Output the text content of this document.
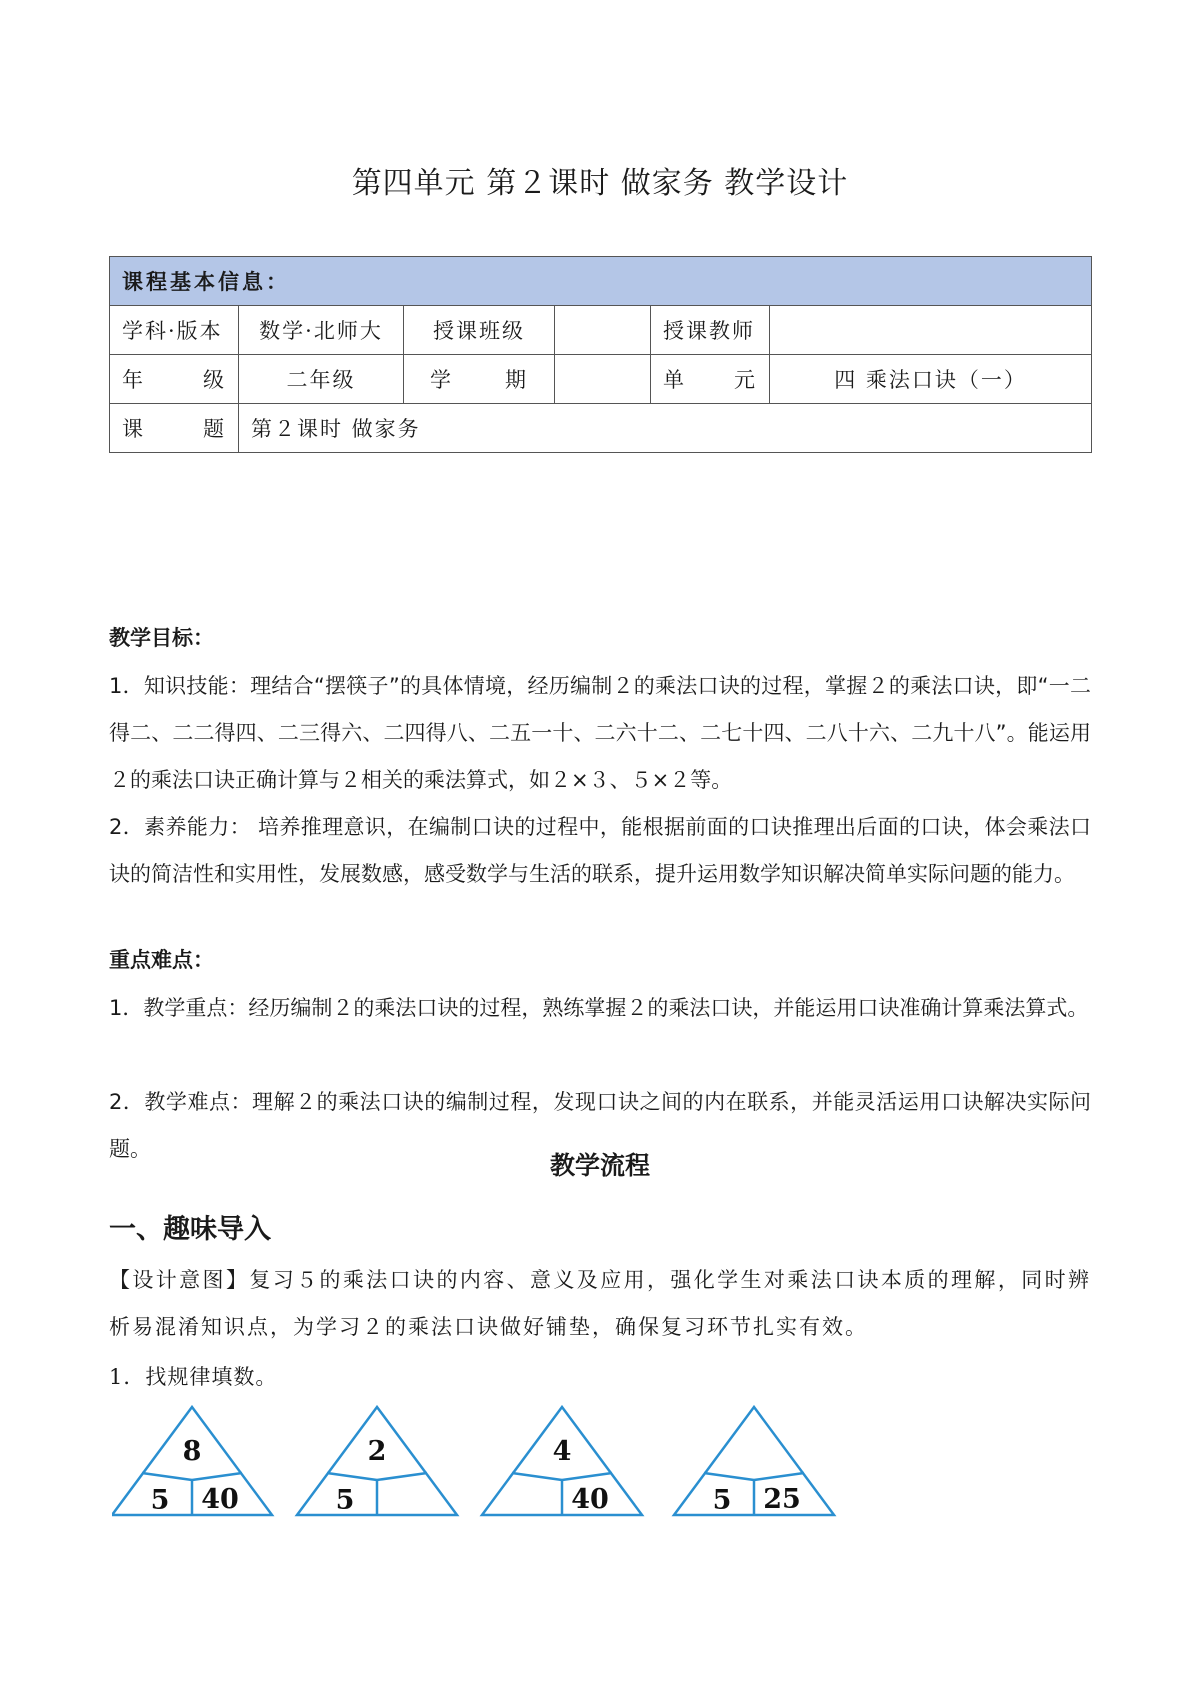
第四单元 第２课时 做家务 教学设计
课程基本信息：					
学科·版本	数学·北师大	授课班级		授课教师	

年 级	二年级	学 期		单 元	四 乘法口诀（一）

课 题	第２课时 做家务				

教学目标：

1．知识技能：理结合“摆筷子”的具体情境，经历编制２的乘法口诀的过程，掌握２的乘法口诀，即“一二得二、二二得四、二三得六、二四得八、二五一十、二六十二、二七十四、二八十六、二九十八”。能运用２的乘法口诀正确计算与２相关的乘法算式，如２×３、５×２等。

2．素养能力： 培养推理意识，在编制口诀的过程中，能根据前面的口诀推理出后面的口诀，体会乘法口诀的简洁性和实用性，发展数感，感受数学与生活的联系，提升运用数学知识解决简单实际问题的能力。

重点难点：

1．教学重点：经历编制２的乘法口诀的过程，熟练掌握２的乘法口诀，并能运用口诀准确计算乘法算式。

2．教学难点：理解２的乘法口诀的编制过程，发现口诀之间的内在联系，并能灵活运用口诀解决实际问题。

教学流程
一、趣味导入

【设计意图】复习５的乘法口诀的内容、意义及应用，强化学生对乘法口诀本质的理解，同时辨析易混淆知识点，为学习２的乘法口诀做好铺垫，确保复习环节扎实有效。

1．找规律填数。

8
5 40
2
5
4
40	5 25
